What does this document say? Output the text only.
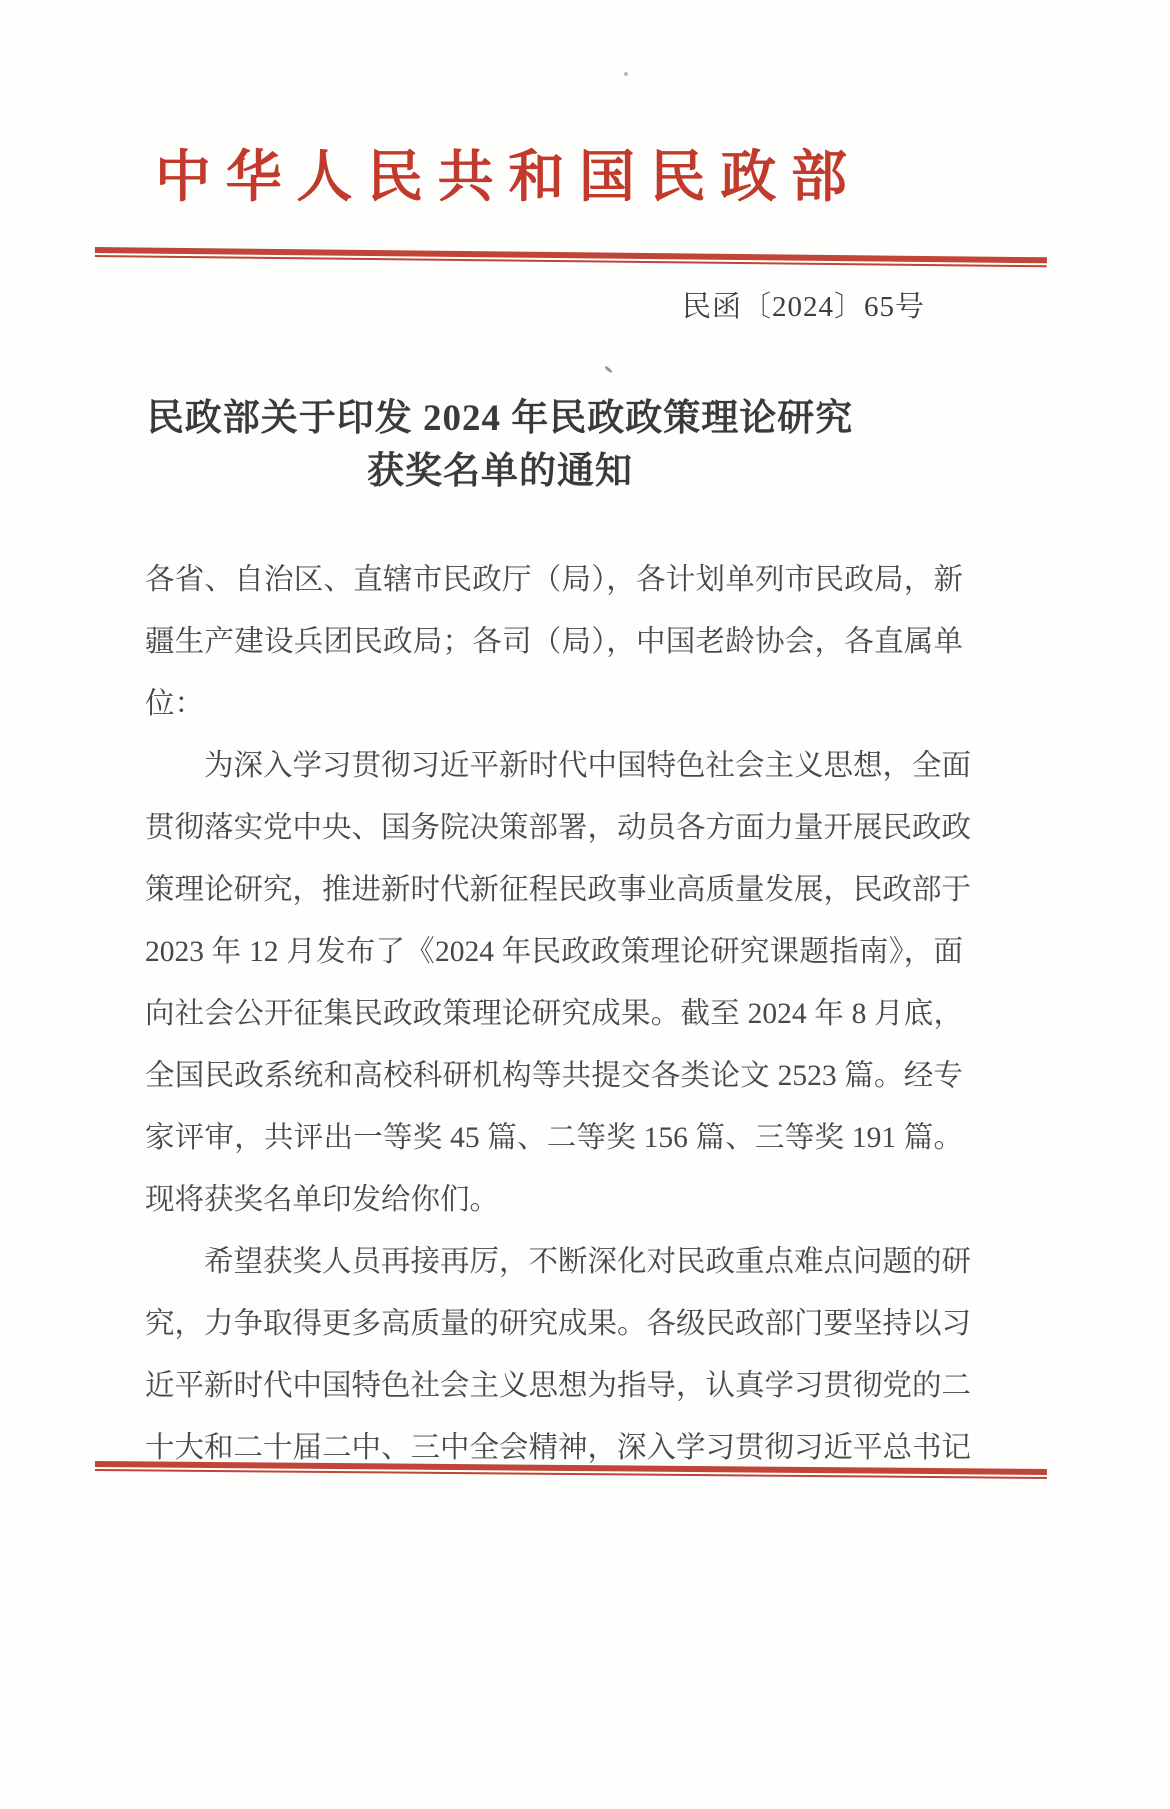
中华人民共和国民政部
民函〔2024〕65号
民政部关于印发 2024 年民政政策理论研究
获奖名单的通知
各省、自治区、直辖市民政厅（局），各计划单列市民政局，新
疆生产建设兵团民政局；各司（局），中国老龄协会，各直属单
位：
为深入学习贯彻习近平新时代中国特色社会主义思想，全面
贯彻落实党中央、国务院决策部署，动员各方面力量开展民政政
策理论研究，推进新时代新征程民政事业高质量发展，民政部于
2023 年 12 月发布了《2024 年民政政策理论研究课题指南》，面
向社会公开征集民政政策理论研究成果。截至 2024 年 8 月底，
全国民政系统和高校科研机构等共提交各类论文 2523 篇。经专
家评审，共评出一等奖 45 篇、二等奖 156 篇、三等奖 191 篇。
现将获奖名单印发给你们。
希望获奖人员再接再厉，不断深化对民政重点难点问题的研
究，力争取得更多高质量的研究成果。各级民政部门要坚持以习
近平新时代中国特色社会主义思想为指导，认真学习贯彻党的二
十大和二十届二中、三中全会精神，深入学习贯彻习近平总书记
